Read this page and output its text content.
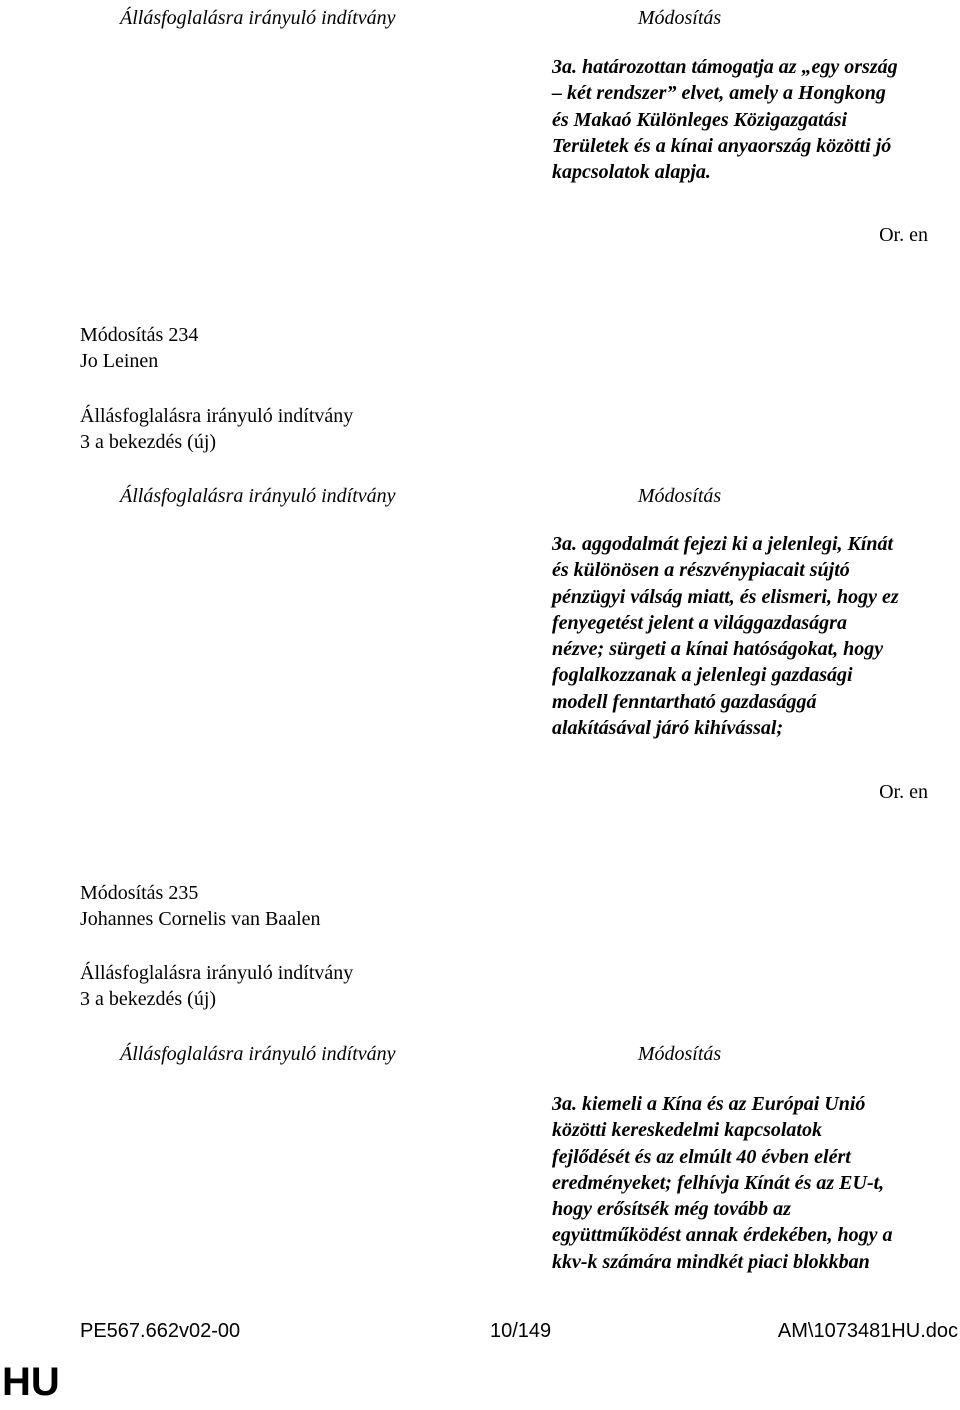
Állásfoglalásra irányuló indítvány	Módosítás
3a. határozottan támogatja az „egy ország
– két rendszer” elvet, amely a Hongkong
és Makaó Különleges Közigazgatási
Területek és a kínai anyaország közötti jó
kapcsolatok alapja.
Or. en
Módosítás 234
Jo Leinen
Állásfoglalásra irányuló indítvány
3 a bekezdés (új)
Állásfoglalásra irányuló indítvány	Módosítás
3a. aggodalmát fejezi ki a jelenlegi, Kínát
és különösen a részvénypiacait sújtó
pénzügyi válság miatt, és elismeri, hogy ez
fenyegetést jelent a világgazdaságra
nézve; sürgeti a kínai hatóságokat, hogy
foglalkozzanak a jelenlegi gazdasági
modell fenntartható gazdasággá
alakításával járó kihívással;
Or. en
Módosítás 235
Johannes Cornelis van Baalen
Állásfoglalásra irányuló indítvány
3 a bekezdés (új)
Állásfoglalásra irányuló indítvány	Módosítás
3a. kiemeli a Kína és az Európai Unió
közötti kereskedelmi kapcsolatok
fejlődését és az elmúlt 40 évben elért
eredményeket; felhívja Kínát és az EU-t,
hogy erősítsék még tovább az
együttműködést annak érdekében, hogy a
kkv-k számára mindkét piaci blokkban
PE567.662v02-00	10/149	AM\1073481HU.doc
HU
